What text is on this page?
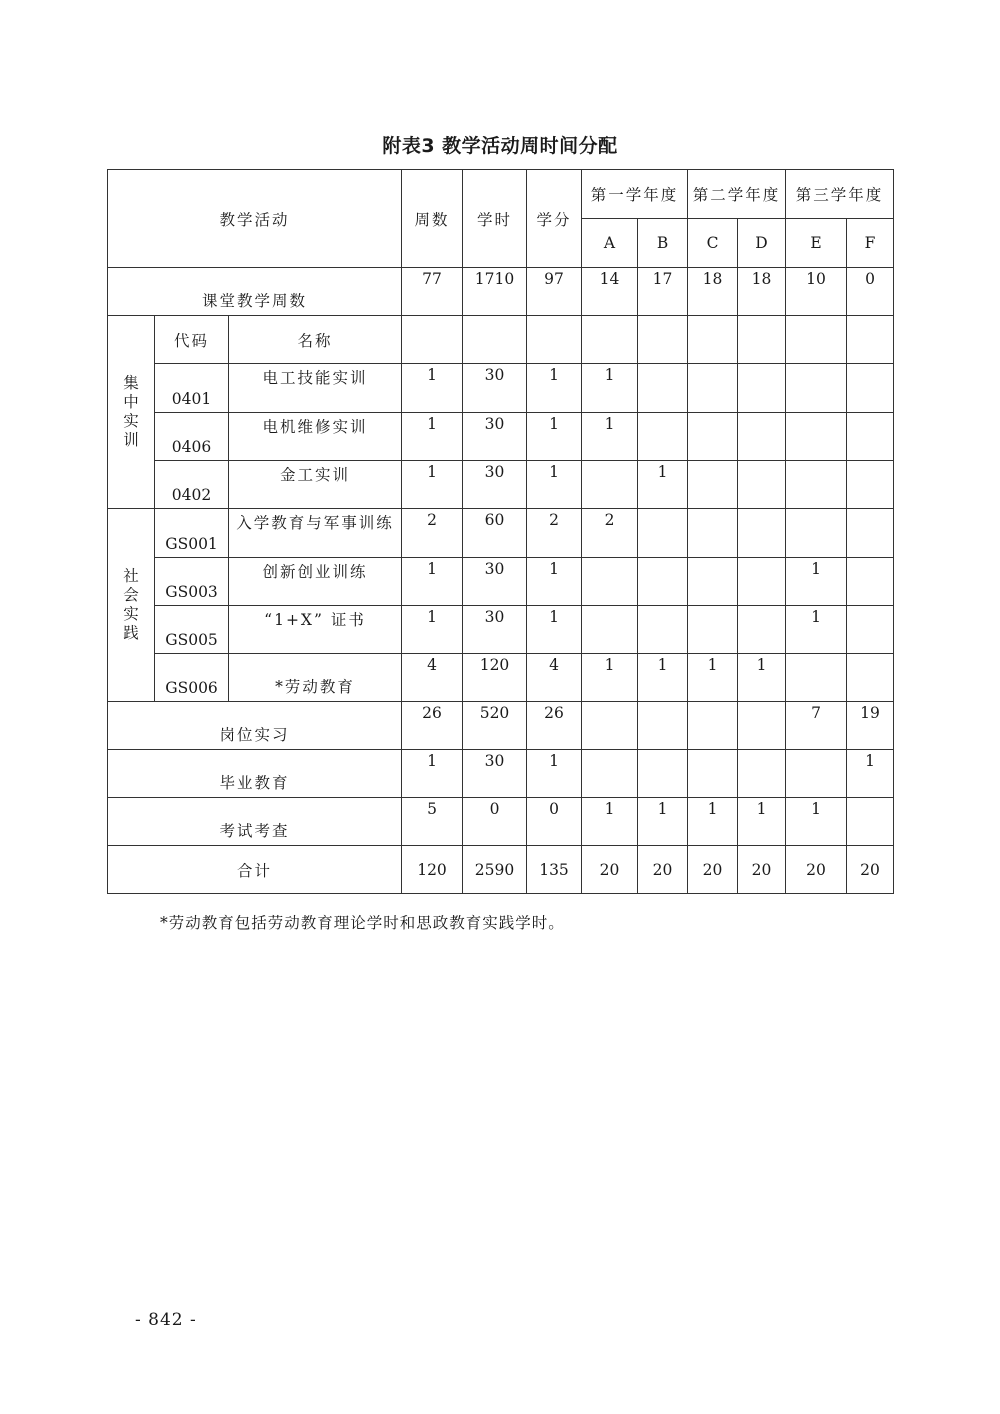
附表3 教学活动周时间分配
教学活动			周数	学时	学分	第一学年度		第二学年度		第三学年度	
						A	B	C	D	E	F
课堂教学周数			77	1710	97	14	17	18	18	10	0

集中实训	代码	名称									
	0401	电工技能实训	1	30	1	1					
	0406	电机维修实训	1	30	1	1					
	0402	金工实训	1	30	1		1				

社会实践	GS001	入学教育与军事训练	2	60	2	2					
	GS003	创新创业训练	1	30	1					1	
	GS005	“1+X” 证书	1	30	1					1	
	GS006	*劳动教育	4	120	4	1	1	1	1		
岗位实习			26	520	26					7	19
毕业教育			1	30	1						1
考试考查			5	0	0	1	1	1	1	1	
合计			120	2590	135	20	20	20	20	20	20
*劳动教育包括劳动教育理论学时和思政教育实践学时。
- 842 -
